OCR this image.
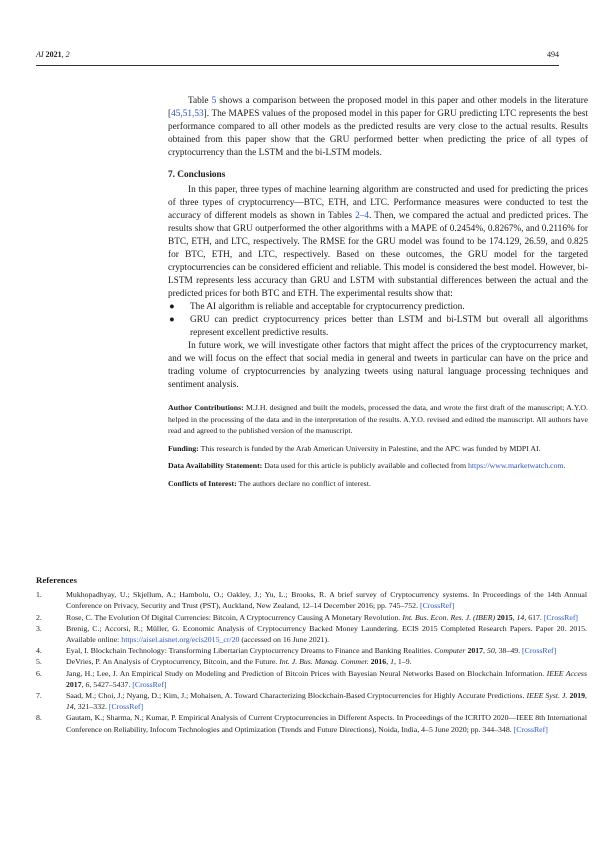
AI 2021, 2	494

Table 5 shows a comparison between the proposed model in this paper and other models in the literature [45,51,53]. The MAPES values of the proposed model in this paper for GRU predicting LTC represents the best performance compared to all other models as the predicted results are very close to the actual results. Results obtained from this paper show that the GRU performed better when predicting the price of all types of cryptocurrency than the LSTM and the bi-LSTM models.

7. Conclusions

In this paper, three types of machine learning algorithm are constructed and used for predicting the prices of three types of cryptocurrency—BTC, ETH, and LTC. Performance measures were conducted to test the accuracy of different models as shown in Tables 2–4. Then, we compared the actual and predicted prices. The results show that GRU outperformed the other algorithms with a MAPE of 0.2454%, 0.8267%, and 0.2116% for BTC, ETH, and LTC, respectively. The RMSE for the GRU model was found to be 174.129, 26.59, and 0.825 for BTC, ETH, and LTC, respectively. Based on these outcomes, the GRU model for the targeted cryptocurrencies can be considered efficient and reliable. This model is considered the best model. However, bi-LSTM represents less accuracy than GRU and LSTM with substantial differences between the actual and the predicted prices for both BTC and ETH. The experimental results show that:

● The AI algorithm is reliable and acceptable for cryptocurrency prediction.
● GRU can predict cryptocurrency prices better than LSTM and bi-LSTM but overall all algorithms represent excellent predictive results.

In future work, we will investigate other factors that might affect the prices of the cryptocurrency market, and we will focus on the effect that social media in general and tweets in particular can have on the price and trading volume of cryptocurrencies by analyzing tweets using natural language processing techniques and sentiment analysis.

Author Contributions: M.J.H. designed and built the models, processed the data, and wrote the first draft of the manuscript; A.Y.O. helped in the processing of the data and in the interpretation of the results. A.Y.O. revised and edited the manuscript. All authors have read and agreed to the published version of the manuscript.

Funding: This research is funded by the Arab American University in Palestine, and the APC was funded by MDPI AI.

Data Availability Statement: Data used for this article is publicly available and collected from https://www.marketwatch.com.

Conflicts of Interest: The authors declare no conflict of interest.

References
1.	Mukhopadhyay, U.; Skjellum, A.; Hambolu, O.; Oakley, J.; Yu, L.; Brooks, R. A brief survey of Cryptocurrency systems. In Proceedings of the 14th Annual Conference on Privacy, Security and Trust (PST), Auckland, New Zealand, 12–14 December 2016; pp. 745–752. [CrossRef]
2.	Rose, C. The Evolution Of Digital Currencies: Bitcoin, A Cryptocurrency Causing A Monetary Revolution. Int. Bus. Econ. Res. J. (IBER) 2015, 14, 617. [CrossRef]
3.	Brenig, C.; Accorsi, R.; Müller, G. Economic Analysis of Cryptocurrency Backed Money Laundering. ECIS 2015 Completed Research Papers. Paper 20. 2015. Available online: https://aisel.aisnet.org/ecis2015_cr/20 (accessed on 16 June 2021).
4.	Eyal, I. Blockchain Technology: Transforming Libertarian Cryptocurrency Dreams to Finance and Banking Realities. Computer 2017, 50, 38–49. [CrossRef]
5.	DeVries, P. An Analysis of Cryptocurrency, Bitcoin, and the Future. Int. J. Bus. Manag. Commer. 2016, 1, 1–9.
6.	Jang, H.; Lee, J. An Empirical Study on Modeling and Prediction of Bitcoin Prices with Bayesian Neural Networks Based on Blockchain Information. IEEE Access 2017, 6, 5427–5437. [CrossRef]
7.	Saad, M.; Choi, J.; Nyang, D.; Kim, J.; Mohaisen, A. Toward Characterizing Blockchain-Based Cryptocurrencies for Highly Accurate Predictions. IEEE Syst. J. 2019, 14, 321–332. [CrossRef]
8.	Gautam, K.; Sharma, N.; Kumar, P. Empirical Analysis of Current Cryptocurrencies in Different Aspects. In Proceedings of the ICRITO 2020—IEEE 8th International Conference on Reliability, Infocom Technologies and Optimization (Trends and Future Directions), Noida, India, 4–5 June 2020; pp. 344–348. [CrossRef]
